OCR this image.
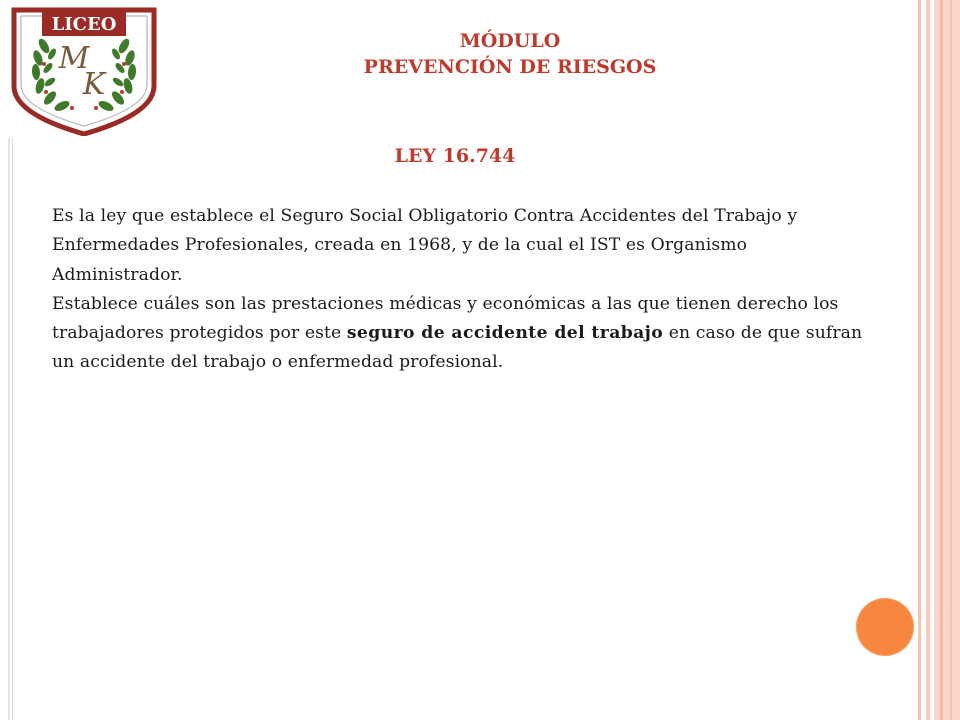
LICEO
M
K
MÓDULO
PREVENCIÓN DE RIESGOS
LEY 16.744

Es la ley que establece el Seguro Social Obligatorio Contra Accidentes del Trabajo y Enfermedades Profesionales, creada en 1968, y de la cual el IST es Organismo Administrador.

Establece cuáles son las prestaciones médicas y económicas a las que tienen derecho los trabajadores protegidos por este seguro de accidente del trabajo en caso de que sufran un accidente del trabajo o enfermedad profesional.
